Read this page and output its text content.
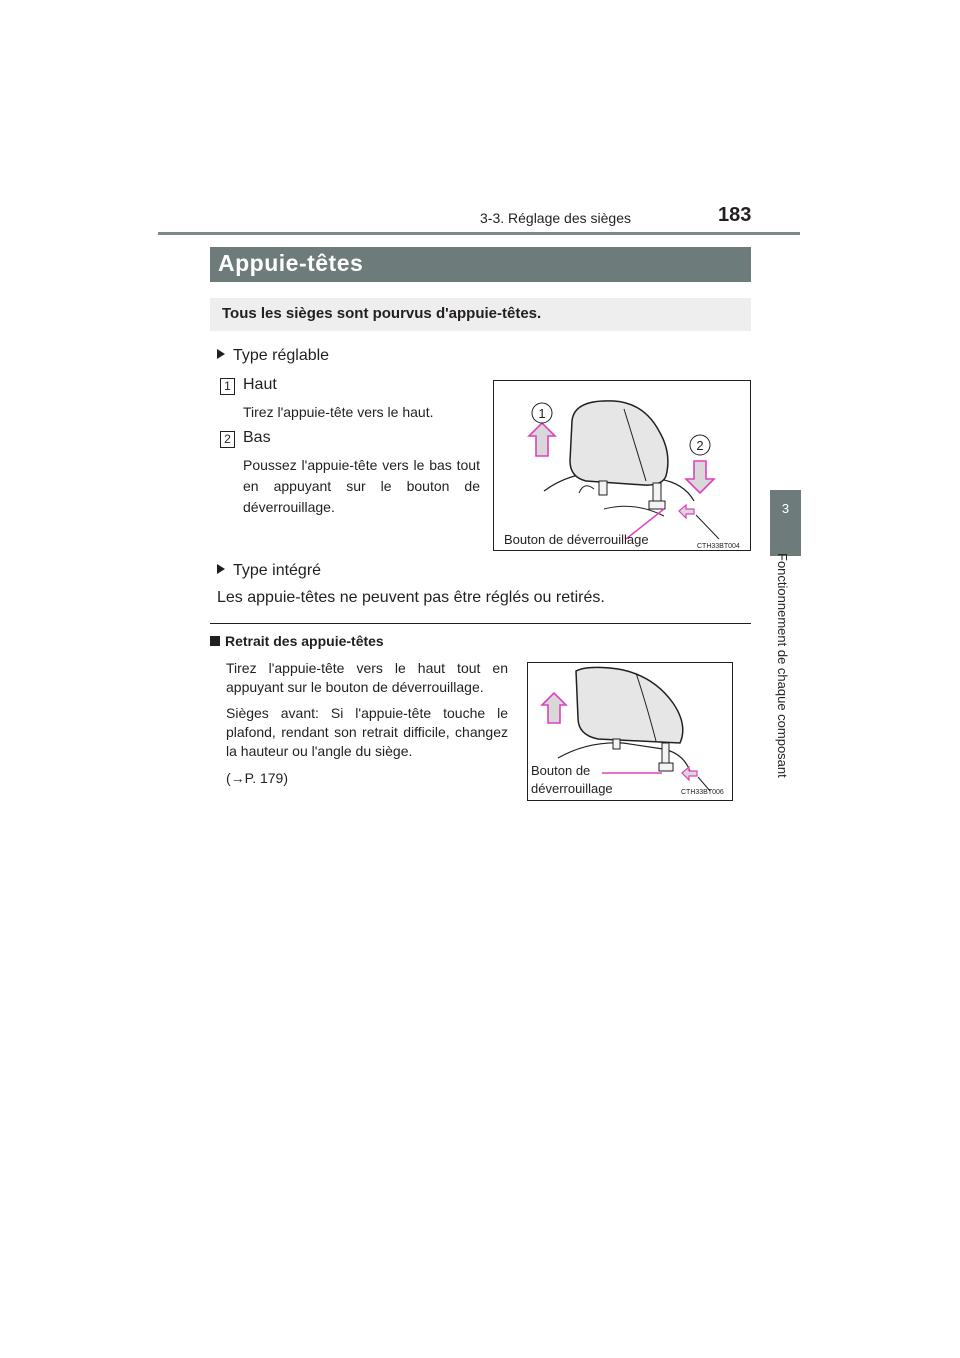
3-3. Réglage des sièges	183
3
Fonctionnement de chaque composant
Appuie-têtes
Tous les sièges sont pourvus d'appuie-têtes.
Type réglable
1 Haut
Tirez l'appuie-tête vers le haut.
2 Bas
Poussez l'appuie-tête vers le bas tout en appuyant sur le bouton de déverrouillage.
1
2
Bouton de déverrouillage	CTH33BT004
Type intégré
Les appuie-têtes ne peuvent pas être réglés ou retirés.
Retrait des appuie-têtes
Tirez l'appuie-tête vers le haut tout en appuyant sur le bouton de déverrouillage.
Sièges avant: Si l'appuie-tête touche le plafond, rendant son retrait difficile, changez la hauteur ou l'angle du siège.
(→P. 179)	Bouton de
déverrouillage	CTH33BT006
